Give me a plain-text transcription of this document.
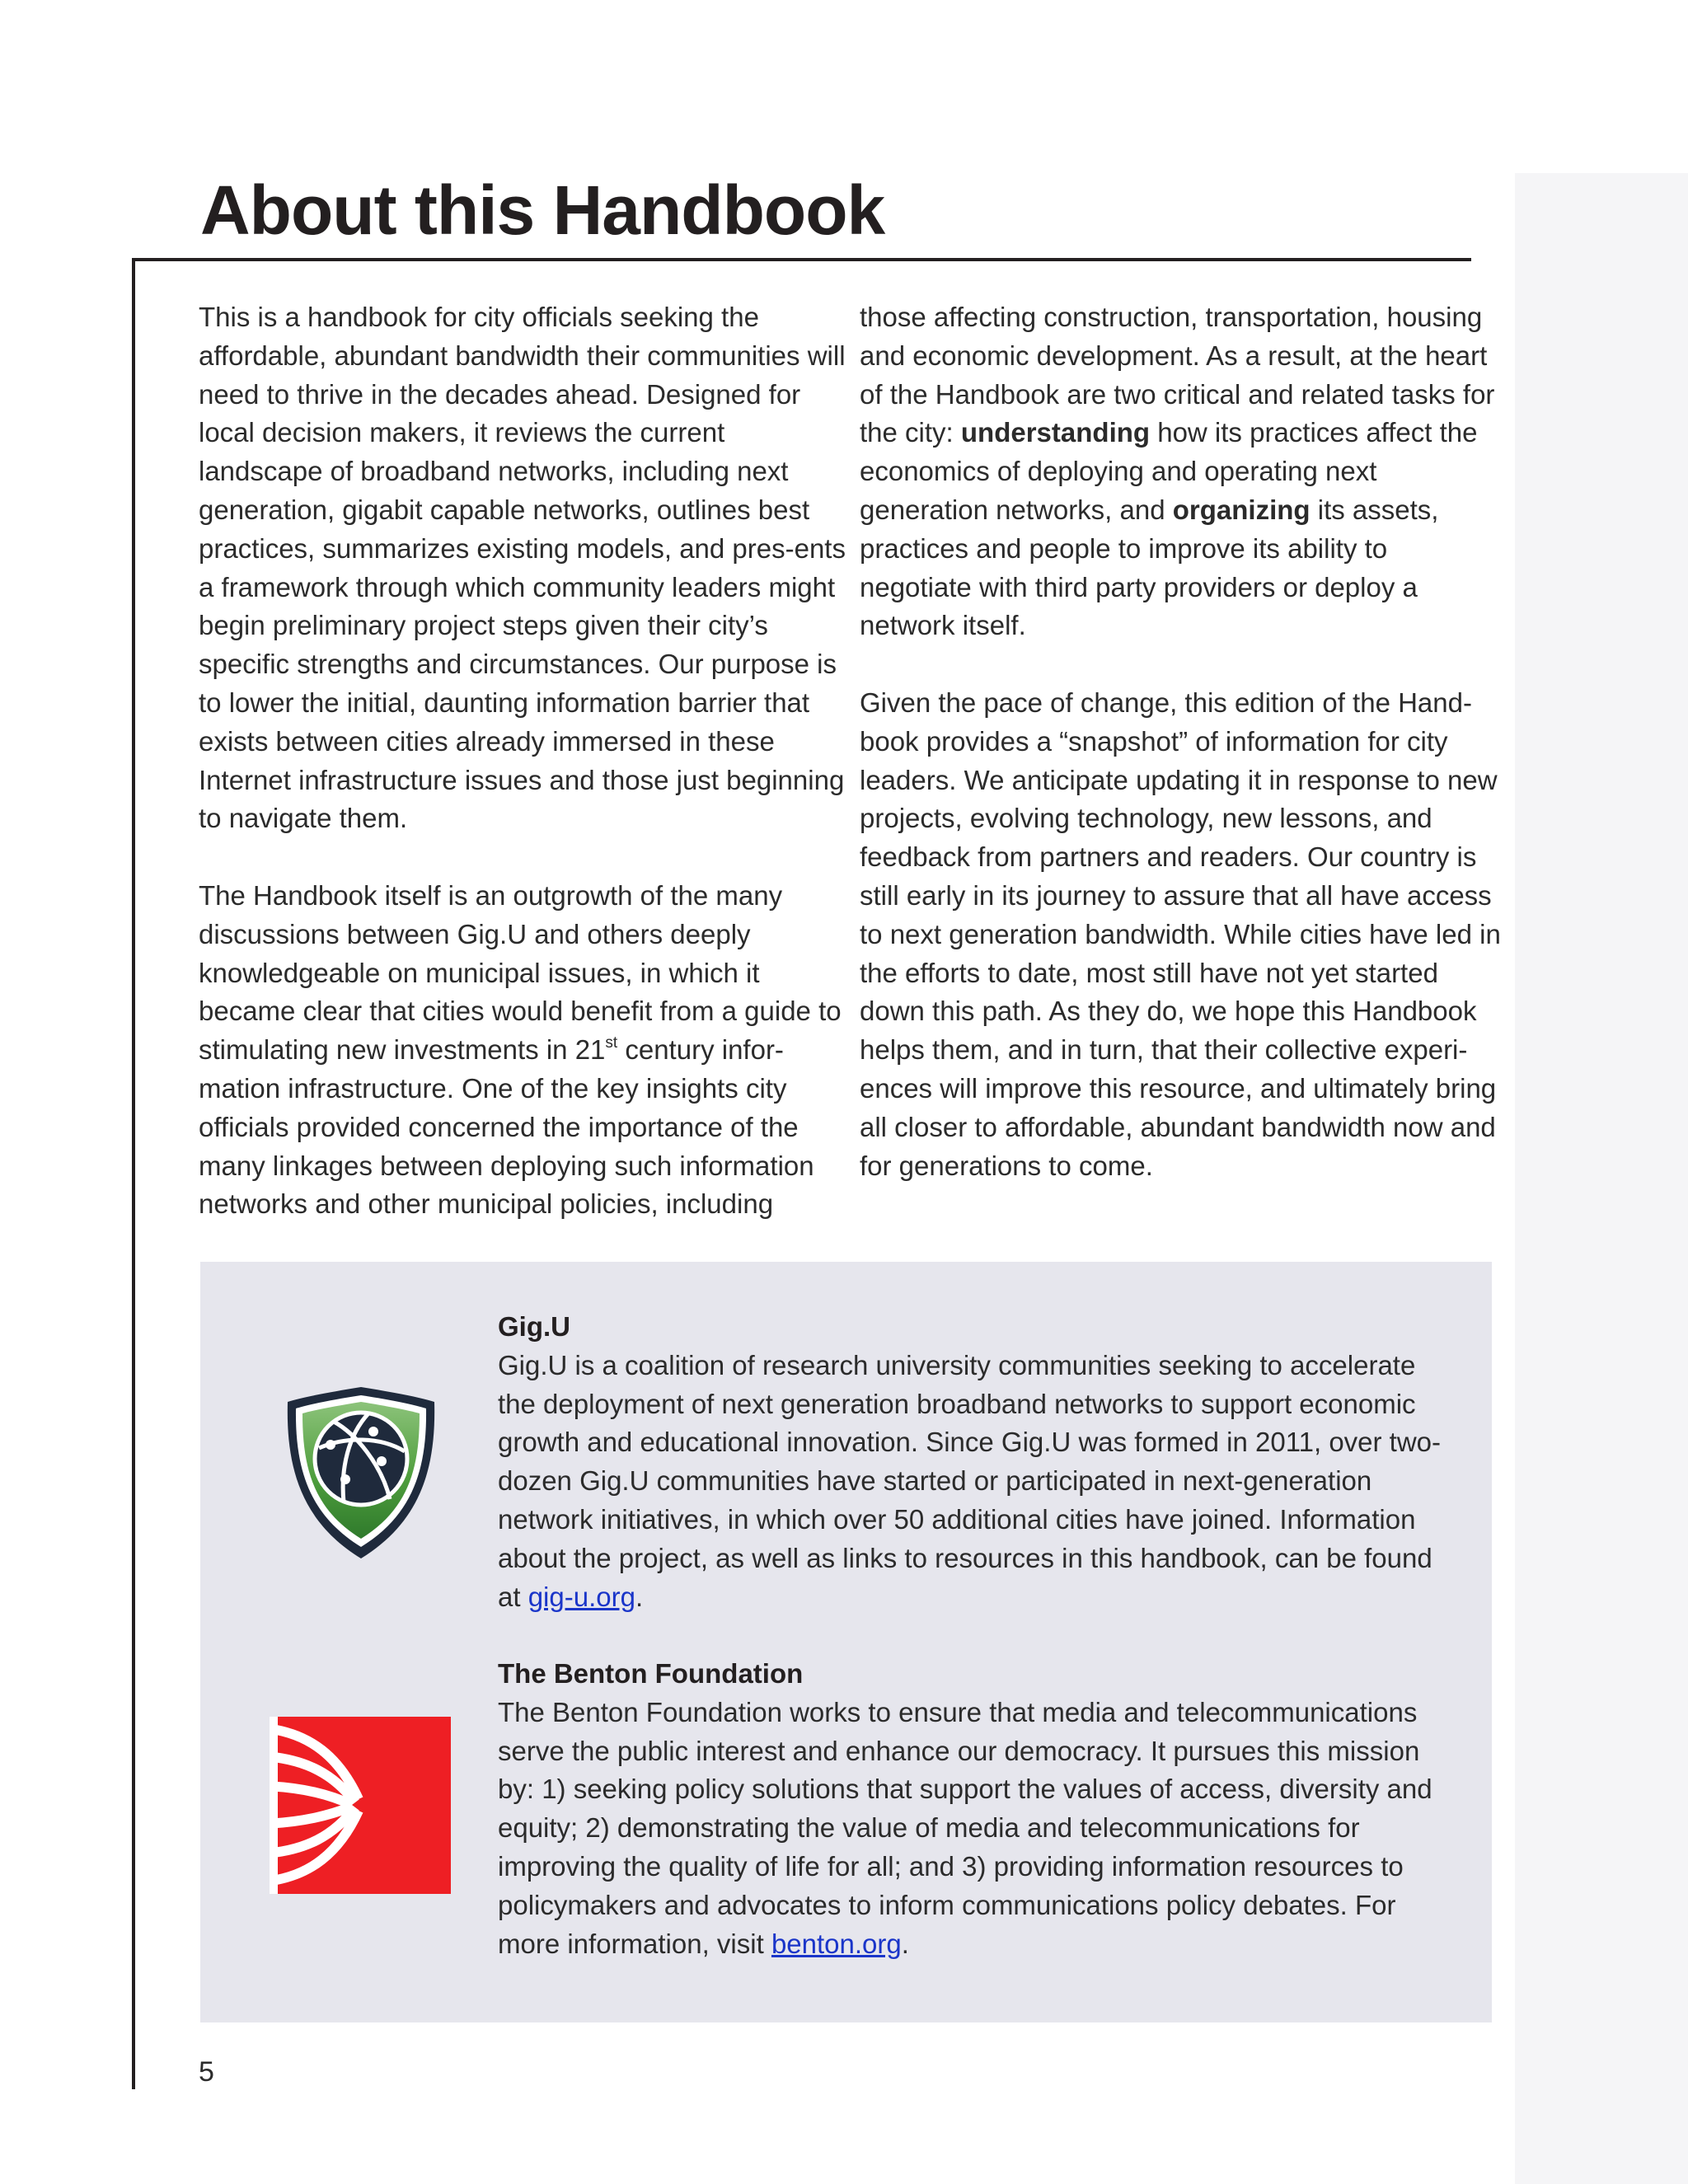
About this Handbook

This is a handbook for city officials seeking the affordable, abundant bandwidth their communities will need to thrive in the decades ahead. Designed for local decision makers, it reviews the current landscape of broadband networks, including next generation, gigabit capable networks, outlines best practices, summarizes existing models, and pres-ents a framework through which community leaders might begin preliminary project steps given their city’s specific strengths and circumstances. Our purpose is to lower the initial, daunting information barrier that exists between cities already immersed in these Internet infrastructure issues and those just beginning to navigate them.

The Handbook itself is an outgrowth of the many discussions between Gig.U and others deeply knowledgeable on municipal issues, in which it became clear that cities would benefit from a guide to stimulating new investments in 21st century infor-mation infrastructure. One of the key insights city officials provided concerned the importance of the many linkages between deploying such information networks and other municipal policies, including

those affecting construction, transportation, housing and economic development. As a result, at the heart of the Handbook are two critical and related tasks for the city: understanding how its practices affect the economics of deploying and operating next generation networks, and organizing its assets, practices and people to improve its ability to negotiate with third party providers or deploy a network itself.

Given the pace of change, this edition of the Hand-book provides a “snapshot” of information for city leaders. We anticipate updating it in response to new projects, evolving technology, new lessons, and feedback from partners and readers. Our country is still early in its journey to assure that all have access to next generation bandwidth. While cities have led in the efforts to date, most still have not yet started down this path. As they do, we hope this Handbook helps them, and in turn, that their collective experi-ences will improve this resource, and ultimately bring all closer to affordable, abundant bandwidth now and for generations to come.

Gig.U
Gig.U is a coalition of research university communities seeking to accelerate the deployment of next generation broadband networks to support economic growth and educational innovation. Since Gig.U was formed in 2011, over two-dozen Gig.U communities have started or participated in next-generation network initiatives, in which over 50 additional cities have joined. Information about the project, as well as links to resources in this handbook, can be found at gig-u.org.
The Benton Foundation
The Benton Foundation works to ensure that media and telecommunications serve the public interest and enhance our democracy. It pursues this mission by: 1) seeking policy solutions that support the values of access, diversity and equity; 2) demonstrating the value of media and telecommunications for improving the quality of life for all; and 3) providing information resources to policymakers and advocates to inform communications policy debates. For more information, visit benton.org.
5
